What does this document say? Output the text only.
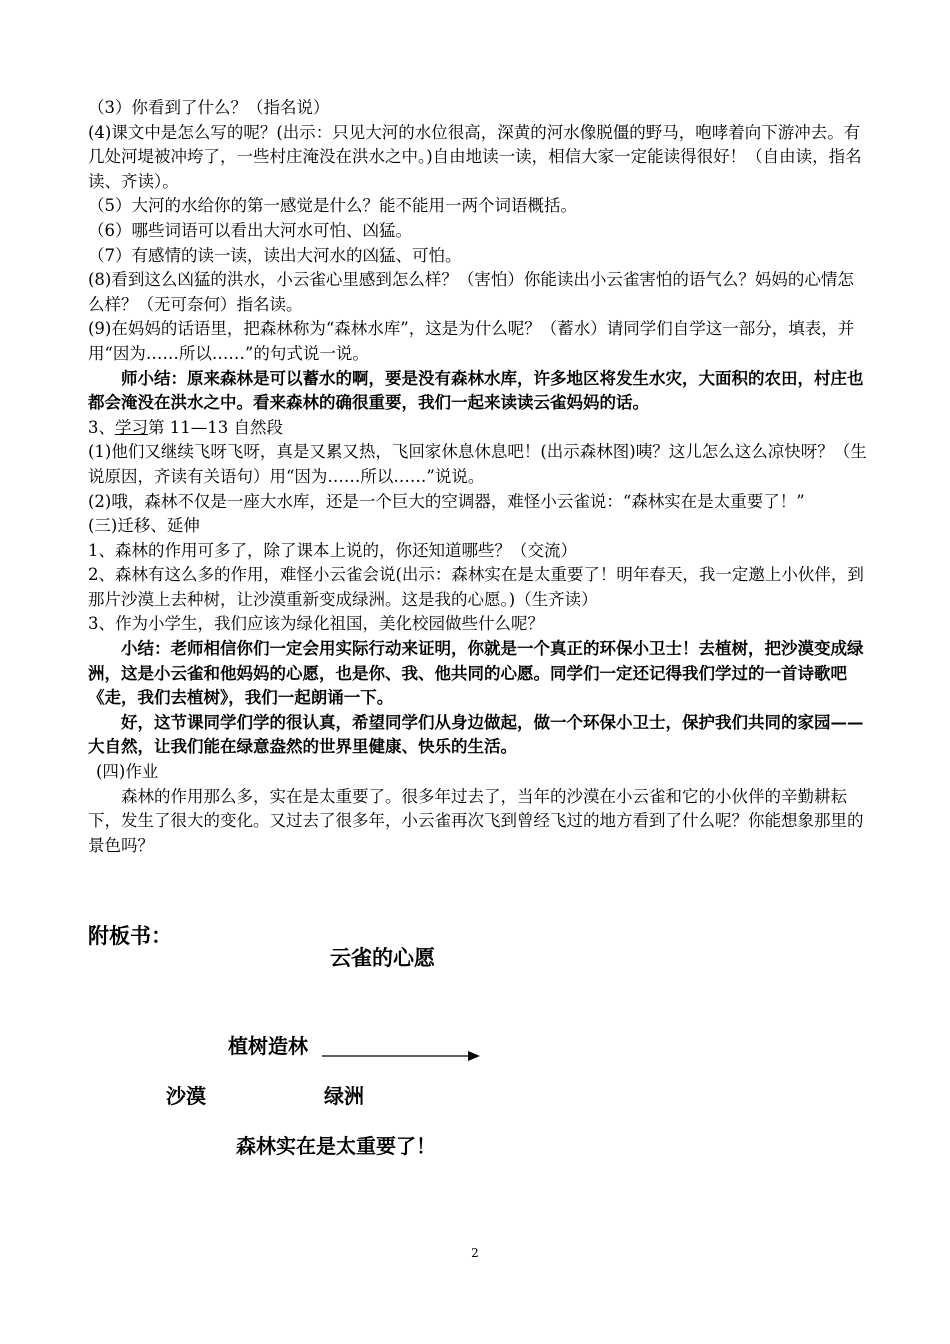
（3）你看到了什么？（指名说）

(4)课文中是怎么写的呢？(出示：只见大河的水位很高，深黄的河水像脱僵的野马，咆哮着向下游冲去。有几处河堤被冲垮了，一些村庄淹没在洪水之中。)自由地读一读，相信大家一定能读得很好！（自由读，指名读、齐读）。

（5）大河的水给你的第一感觉是什么？能不能用一两个词语概括。

（6）哪些词语可以看出大河水可怕、凶猛。

（7）有感情的读一读，读出大河水的凶猛、可怕。

(8)看到这么凶猛的洪水，小云雀心里感到怎么样？（害怕）你能读出小云雀害怕的语气么？妈妈的心情怎么样？（无可奈何）指名读。

(9)在妈妈的话语里，把森林称为“森林水库”，这是为什么呢？（蓄水）请同学们自学这一部分，填表，并用“因为……所以……”的句式说一说。

师小结：原来森林是可以蓄水的啊，要是没有森林水库，许多地区将发生水灾，大面积的农田，村庄也都会淹没在洪水之中。看来森林的确很重要，我们一起来读读云雀妈妈的话。

3、学习第 11—13 自然段

(1)他们又继续飞呀飞呀，真是又累又热，飞回家休息休息吧！(出示森林图)咦？这儿怎么这么凉快呀？（生说原因，齐读有关语句）用“因为……所以……”说说。

(2)哦，森林不仅是一座大水库，还是一个巨大的空调器，难怪小云雀说：“森林实在是太重要了！”

(三)迁移、延伸

1、森林的作用可多了，除了课本上说的，你还知道哪些？（交流）

2、森林有这么多的作用，难怪小云雀会说(出示：森林实在是太重要了！明年春天，我一定邀上小伙伴，到那片沙漠上去种树，让沙漠重新变成绿洲。这是我的心愿。)（生齐读）

3、作为小学生，我们应该为绿化祖国，美化校园做些什么呢？

小结：老师相信你们一定会用实际行动来证明，你就是一个真正的环保小卫士！去植树，把沙漠变成绿洲，这是小云雀和他妈妈的心愿，也是你、我、他共同的心愿。同学们一定还记得我们学过的一首诗歌吧《走，我们去植树》，我们一起朗诵一下。

好，这节课同学们学的很认真，希望同学们从身边做起，做一个环保小卫士，保护我们共同的家园——大自然，让我们能在绿意盎然的世界里健康、快乐的生活。

(四)作业

森林的作用那么多，实在是太重要了。很多年过去了，当年的沙漠在小云雀和它的小伙伴的辛勤耕耘下，发生了很大的变化。又过去了很多年，小云雀再次飞到曾经飞过的地方看到了什么呢？你能想象那里的景色吗？

附板书：
云雀的心愿
植树造林
沙漠	绿洲
森林实在是太重要了！
2
